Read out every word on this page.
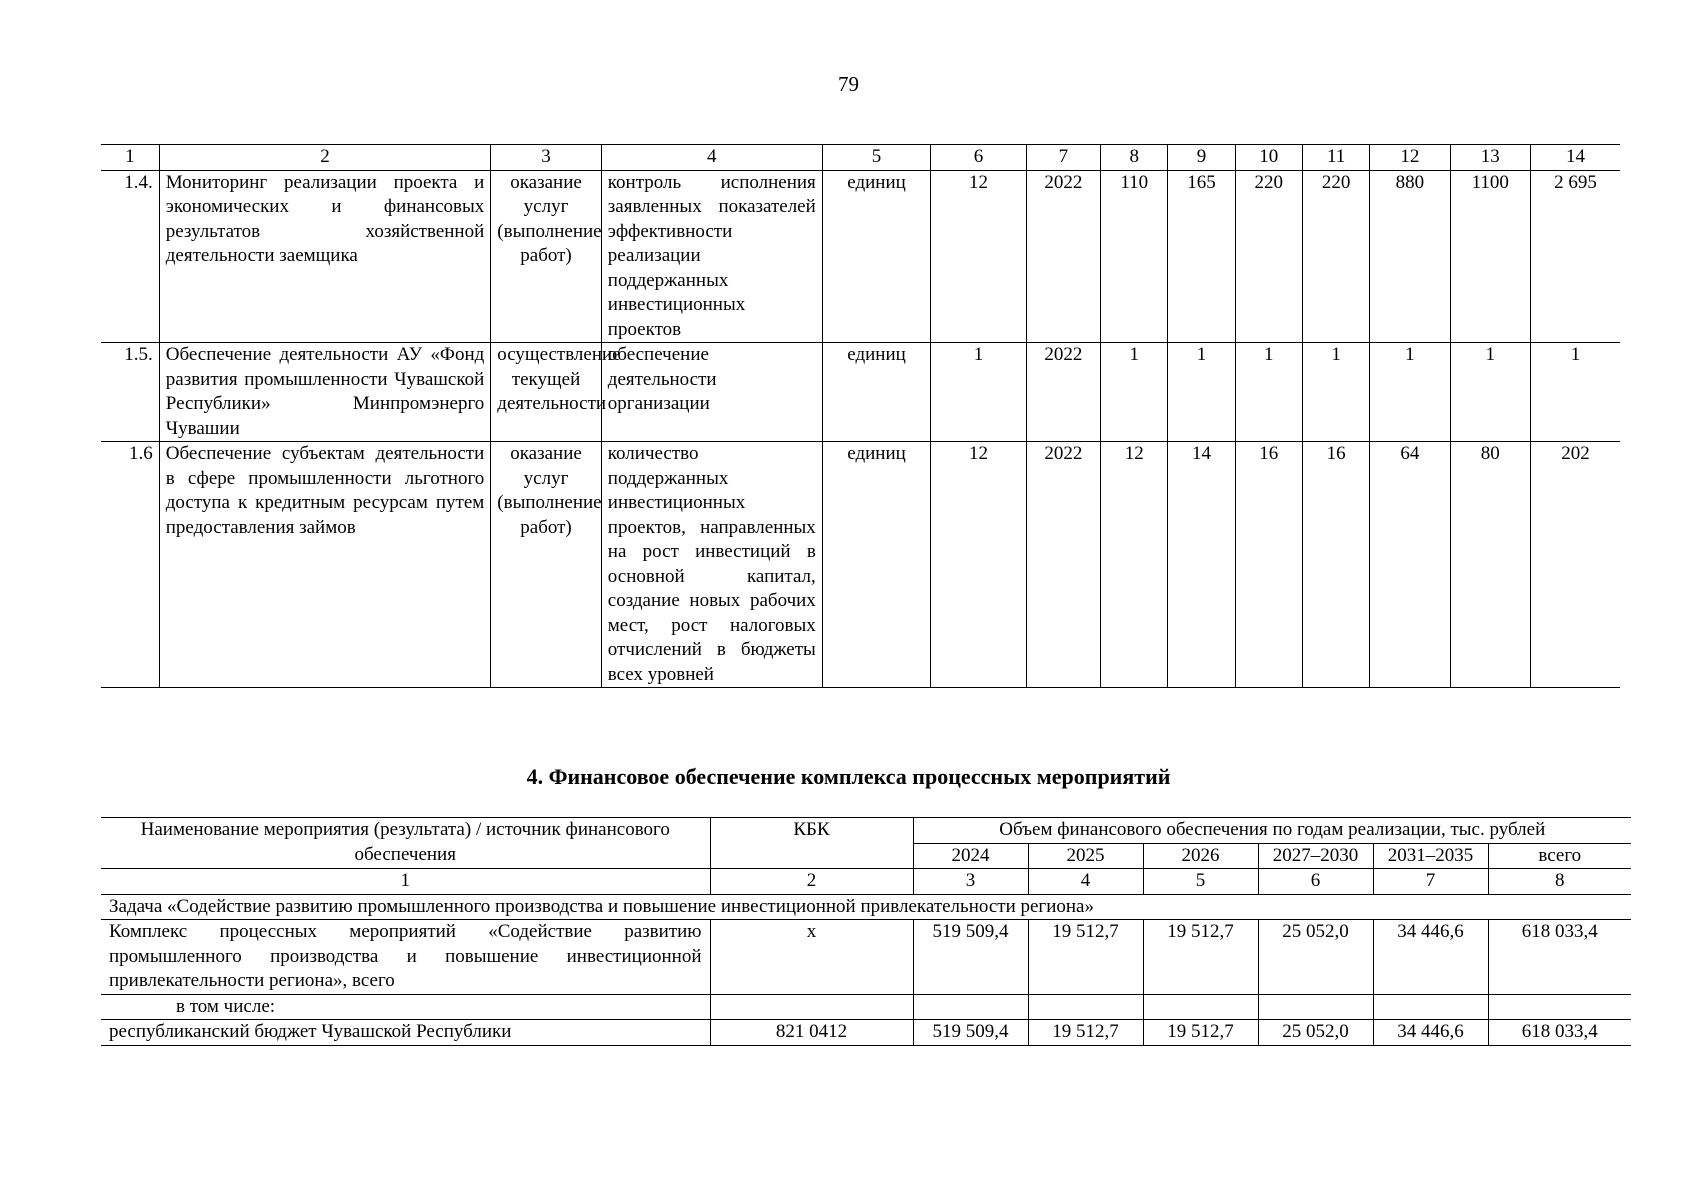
79
1	2	3	4	5	6	7	8	9	10	11	12	13	14
1.4.	Мониторинг реализации проекта и экономических и финансовых результатов хозяйственной деятельности заемщика	оказание услуг (выполнение работ)	контроль исполнения заявленных показателей эффективности реализации поддержанных инвестиционных проектов	единиц	12	2022	110	165	220	220	880	1100	2 695
1.5.	Обеспечение деятельности АУ «Фонд развития промышленности Чувашской Республики» Минпромэнерго Чувашии	осуществление текущей деятельности	обеспечение деятельности организации	единиц	1	2022	1	1	1	1	1	1	1
1.6	Обеспечение субъектам деятельности в сфере промышленности льготного доступа к кредитным ресурсам путем предоставления займов	оказание услуг (выполнение работ)	количество поддержанных инвестиционных проектов, направленных на рост инвестиций в основной капитал, создание новых рабочих мест, рост налоговых отчислений в бюджеты всех уровней	единиц	12	2022	12	14	16	16	64	80	202
4. Финансовое обеспечение комплекса процессных мероприятий
Наименование мероприятия (результата) / источник финансового обеспечения	КБК	Объем финансового обеспечения по годам реализации, тыс. рублей					
		2024	2025	2026	2027–2030	2031–2035	всего
1	2	3	4	5	6	7	8
Задача «Содействие развитию промышленного производства и повышение инвестиционной привлекательности региона»							
Комплекс процессных мероприятий «Содействие развитию промышленного производства и повышение инвестиционной привлекательности региона», всего	х	519 509,4	19 512,7	19 512,7	25 052,0	34 446,6	618 033,4
в том числе:							
республиканский бюджет Чувашской Республики	821 0412	519 509,4	19 512,7	19 512,7	25 052,0	34 446,6	618 033,4
